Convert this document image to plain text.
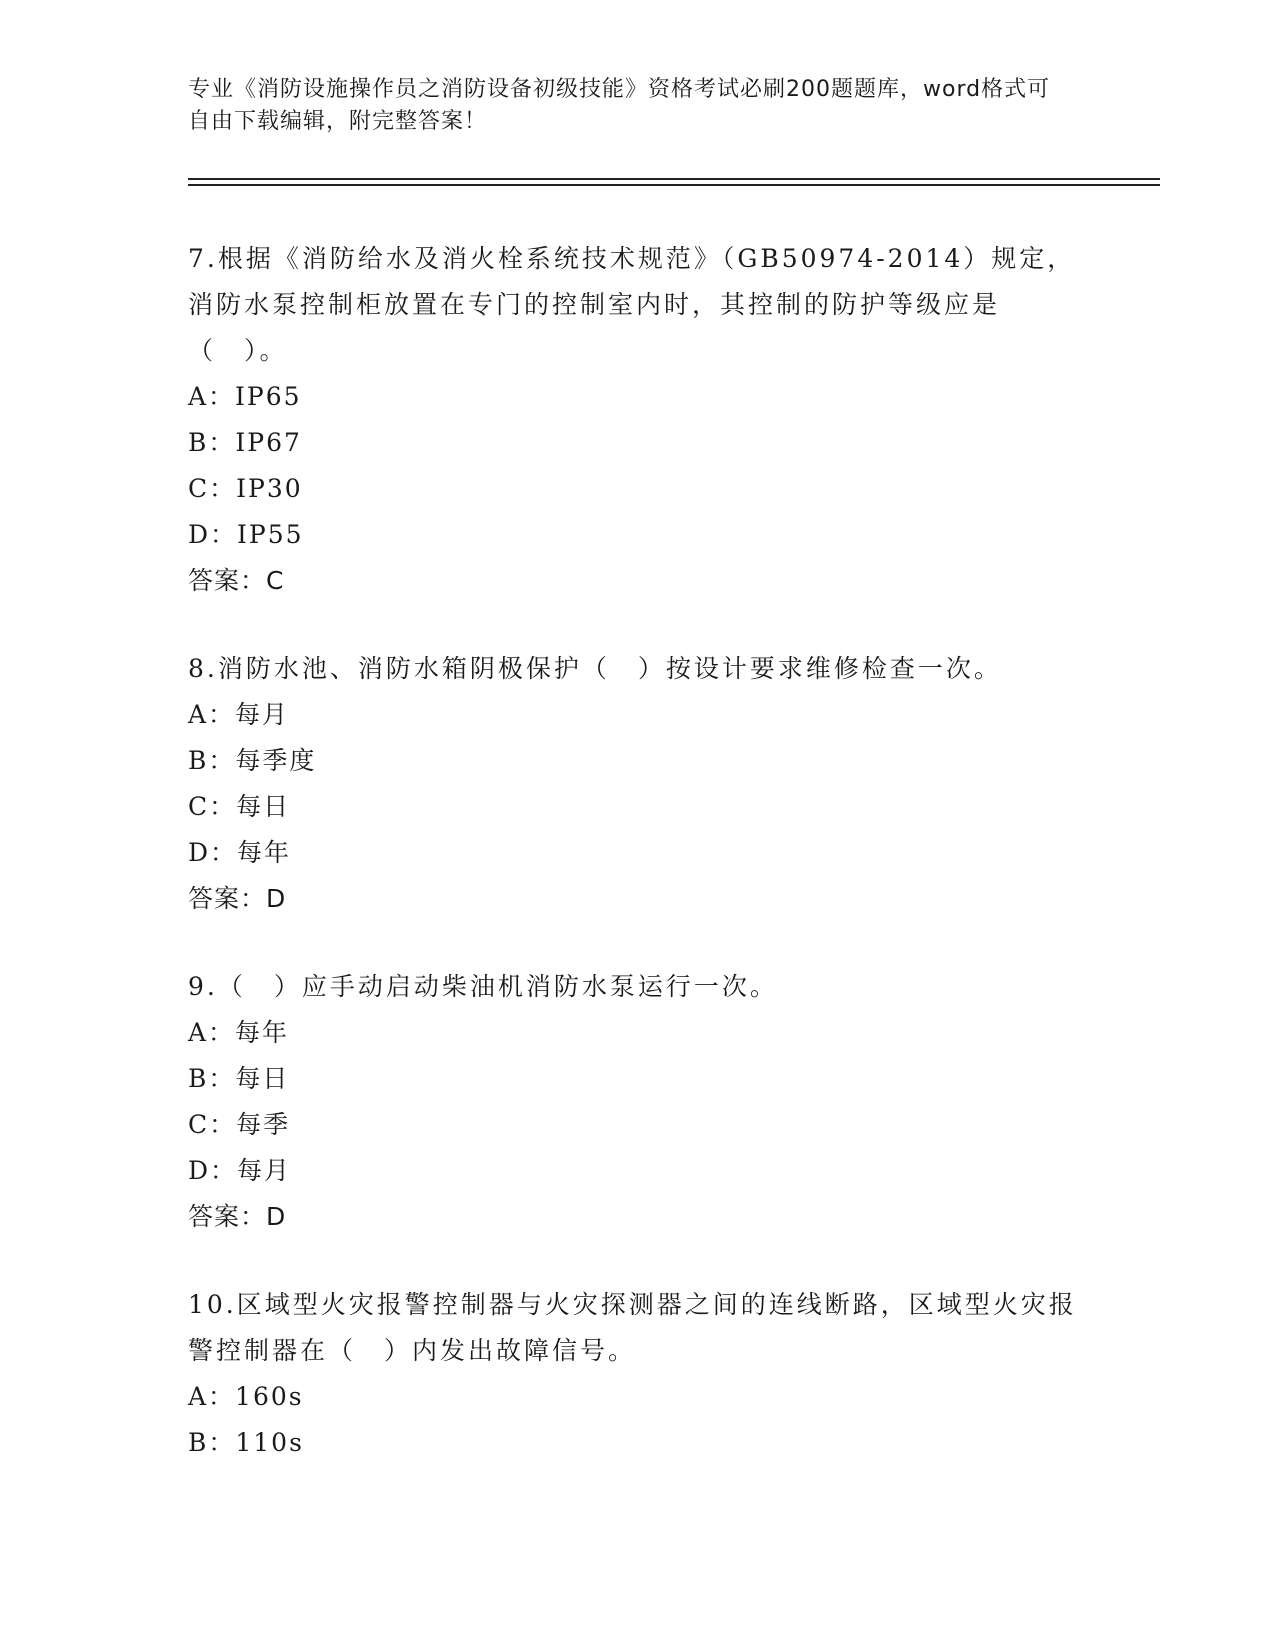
专业《消防设施操作员之消防设备初级技能》资格考试必刷200题题库，word格式可自由下载编辑，附完整答案！

7.根据《消防给水及消火栓系统技术规范》（GB50974-2014）规定，消防水泵控制柜放置在专门的控制室内时，其控制的防护等级应是（　）。

A：IP65
B：IP67
C：IP30
D：IP55
答案：C

8.消防水池、消防水箱阴极保护（　）按设计要求维修检查一次。

A：每月
B：每季度
C：每日
D：每年
答案：D

9.（　）应手动启动柴油机消防水泵运行一次。

A：每年
B：每日
C：每季
D：每月
答案：D

10.区域型火灾报警控制器与火灾探测器之间的连线断路，区域型火灾报警控制器在（　）内发出故障信号。

A：160s
B：110s
